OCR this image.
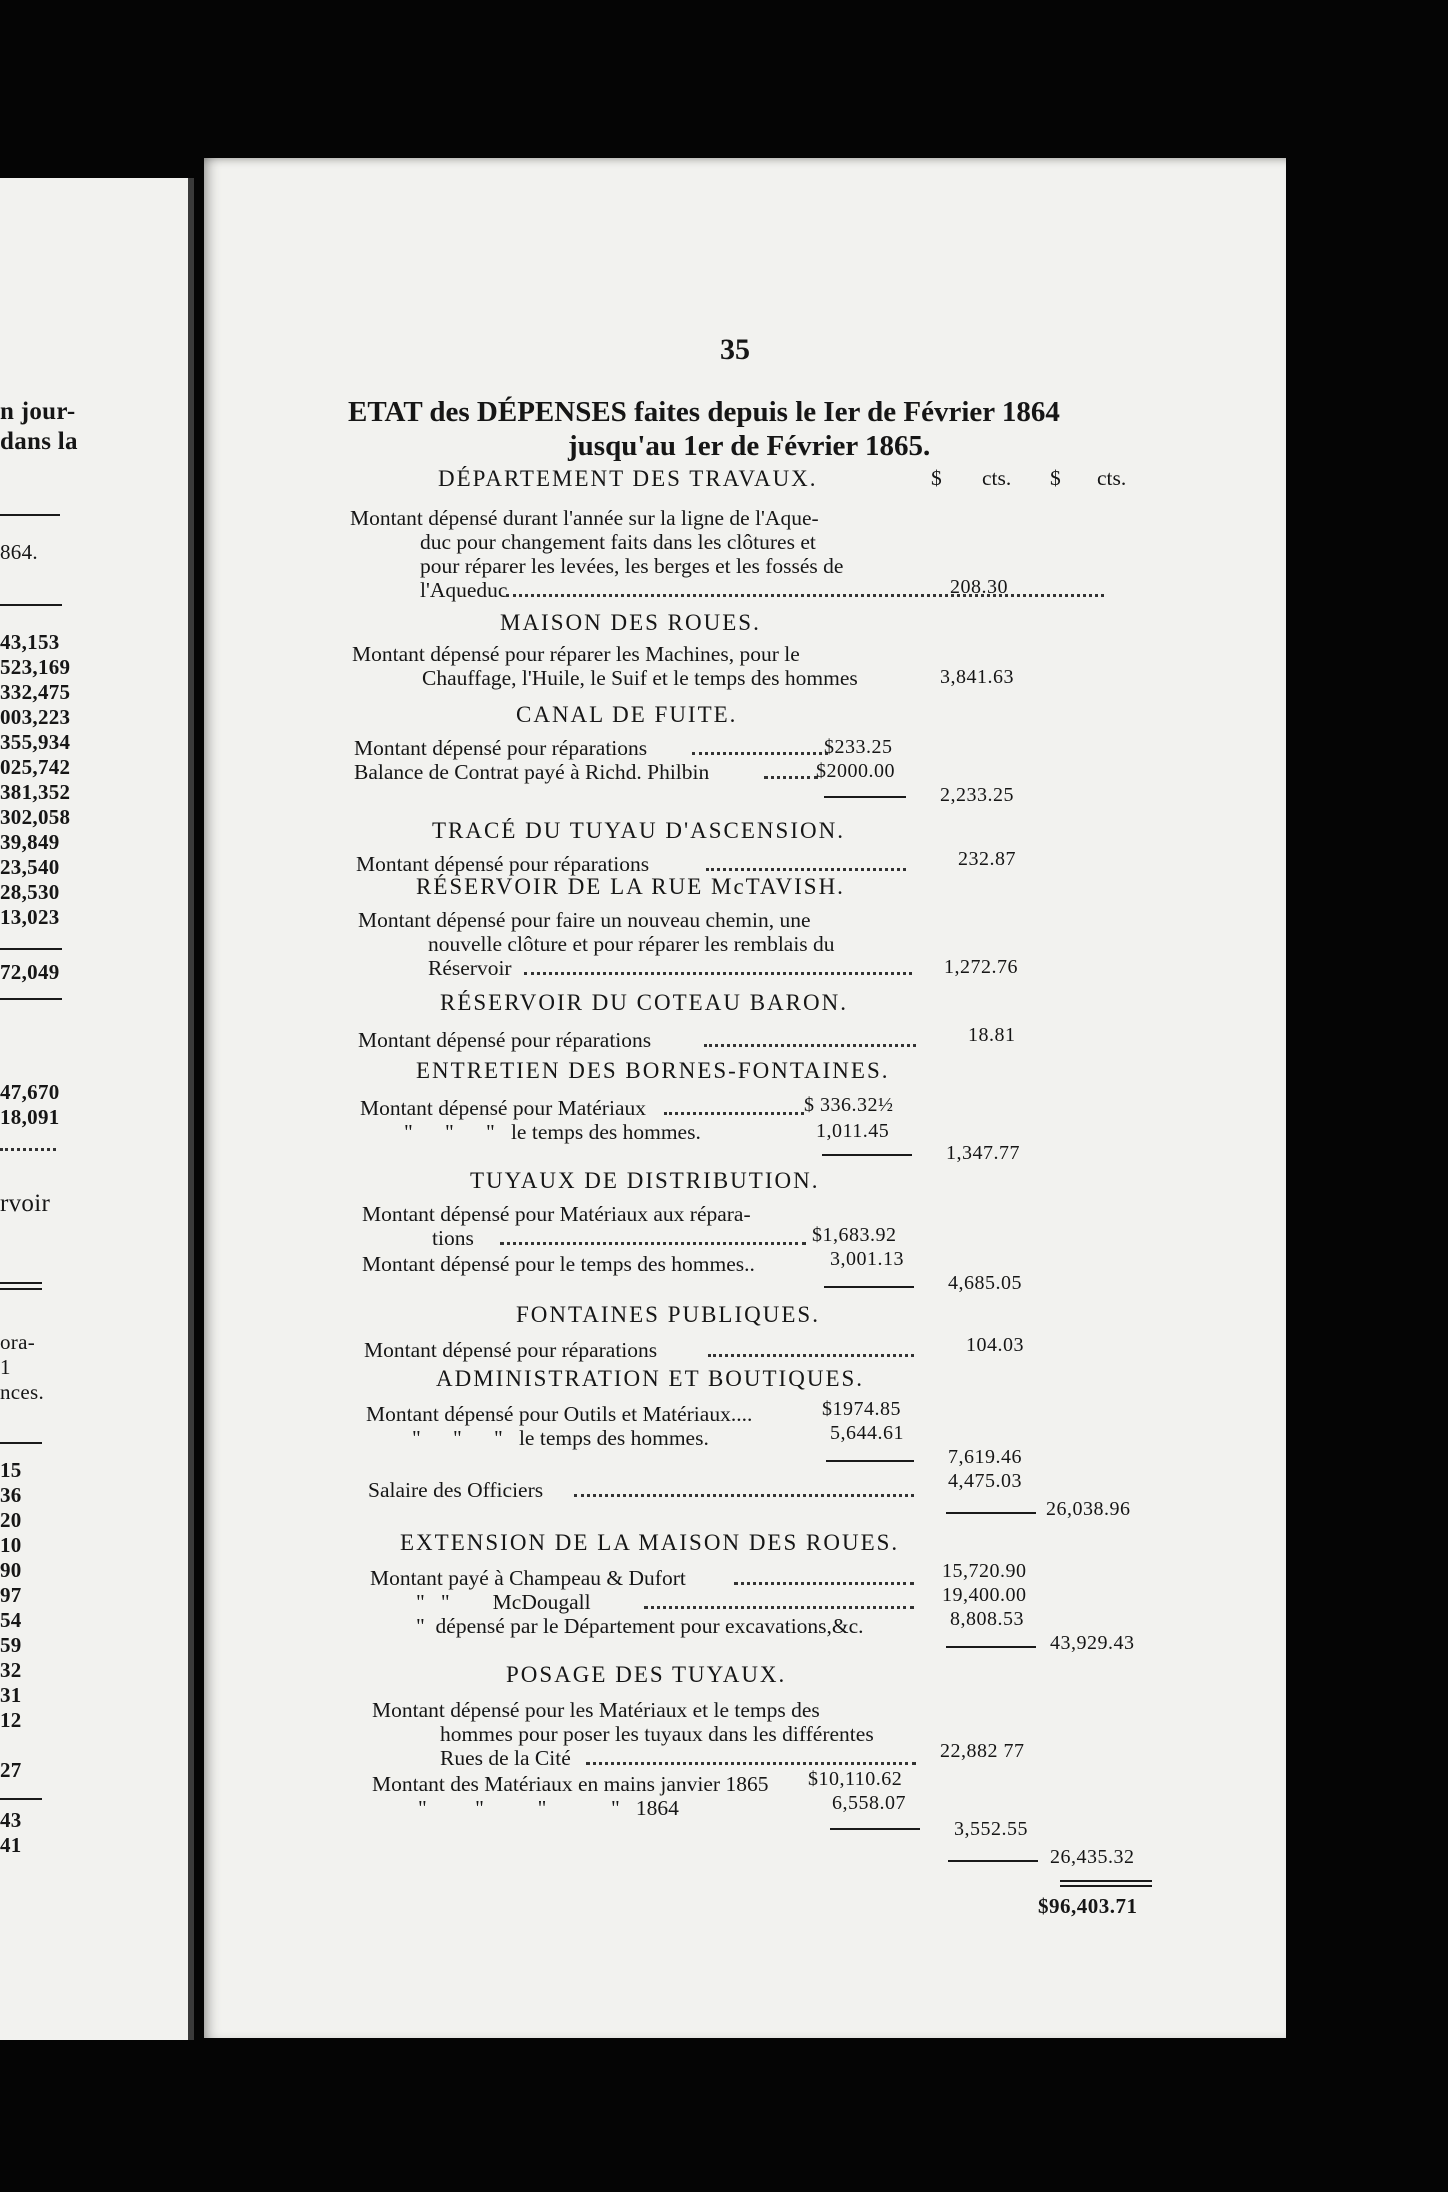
n jour-
dans la
864.
43,153
523,169
332,475
003,223
355,934
025,742
381,352
302,058
39,849
23,540
28,530
13,023
72,049
47,670
18,091
rvoir
ora-
1
nces.
15
36
20
10
90
97
54
59
32
31
12
27
43
41
35
ETAT des DÉPENSES faites depuis le Ier de Février 1864
jusqu'au 1er de Février 1865.
$ cts. $ cts.
DÉPARTEMENT DES TRAVAUX.
Montant dépensé durant l'année sur la ligne de l'Aque-
duc pour changement faits dans les clôtures et
pour réparer les levées, les berges et les fossés de
l'Aqueduc	208.30
MAISON DES ROUES.
Montant dépensé pour réparer les Machines, pour le
Chauffage, l'Huile, le Suif et le temps des hommes	3,841.63
CANAL DE FUITE.
Montant dépensé pour réparations	$233.25
Balance de Contrat payé à Richd. Philbin	$2000.00
2,233.25
TRACÉ DU TUYAU D'ASCENSION.
Montant dépensé pour réparations	232.87
RÉSERVOIR DE LA RUE McTAVISH.
Montant dépensé pour faire un nouveau chemin, une
nouvelle clôture et pour réparer les remblais du
Réservoir	1,272.76
RÉSERVOIR DU COTEAU BARON.
Montant dépensé pour réparations	18.81
ENTRETIEN DES BORNES-FONTAINES.
Montant dépensé pour Matériaux	$ 336.32½
"      "      "   le temps des hommes.	1,011.45
1,347.77
TUYAUX DE DISTRIBUTION.
Montant dépensé pour Matériaux aux répara-
tions	$1,683.92
Montant dépensé pour le temps des hommes..	3,001.13
4,685.05
FONTAINES PUBLIQUES.
Montant dépensé pour réparations	104.03
ADMINISTRATION ET BOUTIQUES.
Montant dépensé pour Outils et Matériaux....	$1974.85
"      "      "   le temps des hommes.	5,644.61
7,619.46
Salaire des Officiers	4,475.03
26,038.96
EXTENSION DE LA MAISON DES ROUES.
Montant payé à Champeau & Dufort	15,720.90
"   "        McDougall	19,400.00
"  dépensé par le Département pour excavations,&c.	8,808.53
43,929.43
POSAGE DES TUYAUX.
Montant dépensé pour les Matériaux et le temps des
hommes pour poser les tuyaux dans les différentes
Rues de la Cité	22,882 77
Montant des Matériaux en mains janvier 1865 $10,110.62
"         "          "            "   1864	6,558.07
3,552.55
26,435.32
$96,403.71
